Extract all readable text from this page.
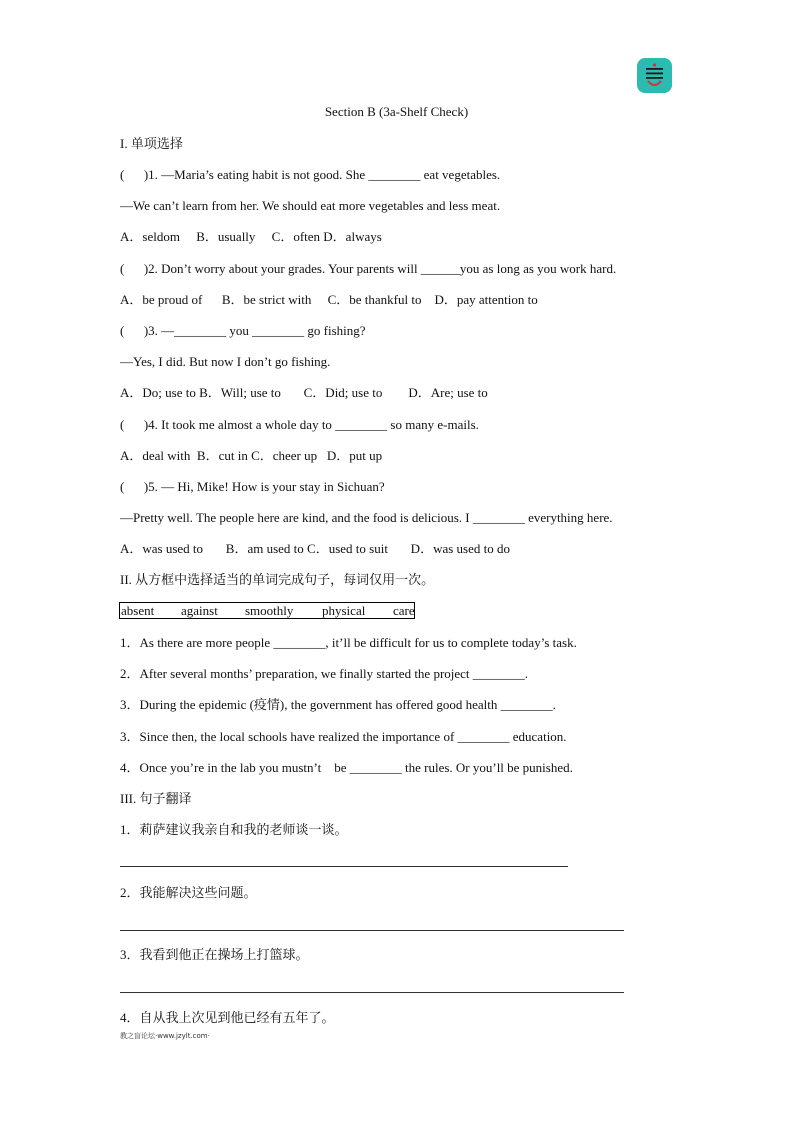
Section B (3a-Shelf Check)
I. 单项选择
(      )1. —Maria’s eating habit is not good. She ________ eat vegetables.
—We can’t learn from her. We should eat more vegetables and less meat.
A．seldom     B．usually     C．often D．always
(      )2. Don’t worry about your grades. Your parents will ______you as long as you work hard.
A．be proud of      B．be strict with     C．be thankful to    D．pay attention to
(      )3. —________ you ________ go fishing?
—Yes, I did. But now I don’t go fishing.
A．Do; use to B．Will; use to       C．Did; use to        D．Are; use to
(      )4. It took me almost a whole day to ________ so many e-mails.
A．deal with  B．cut in C．cheer up   D．put up
(      )5. — Hi, Mike! How is your stay in Sichuan?
—Pretty well. The people here are kind, and the food is delicious. I ________ everything here.
A．was used to       B．am used to C．used to suit       D．was used to do
II. 从方框中选择适当的单词完成句子，每词仅用一次。
absent against smoothly physical care
1．As there are more people ________, it’ll be difficult for us to complete today’s task.
2．After several months’ preparation, we finally started the project ________.
3．During the epidemic (疫情), the government has offered good health ________.
3．Since then, the local schools have realized the importance of ________ education.
4．Once you’re in the lab you mustn’t    be ________ the rules. Or you’ll be punished.
III. 句子翻译
1．莉萨建议我亲自和我的老师谈一谈。
2．我能解决这些问题。
3．我看到他正在操场上打篮球。
4．自从我上次见到他已经有五年了。
教之盲论坛·www.jzylt.com·
